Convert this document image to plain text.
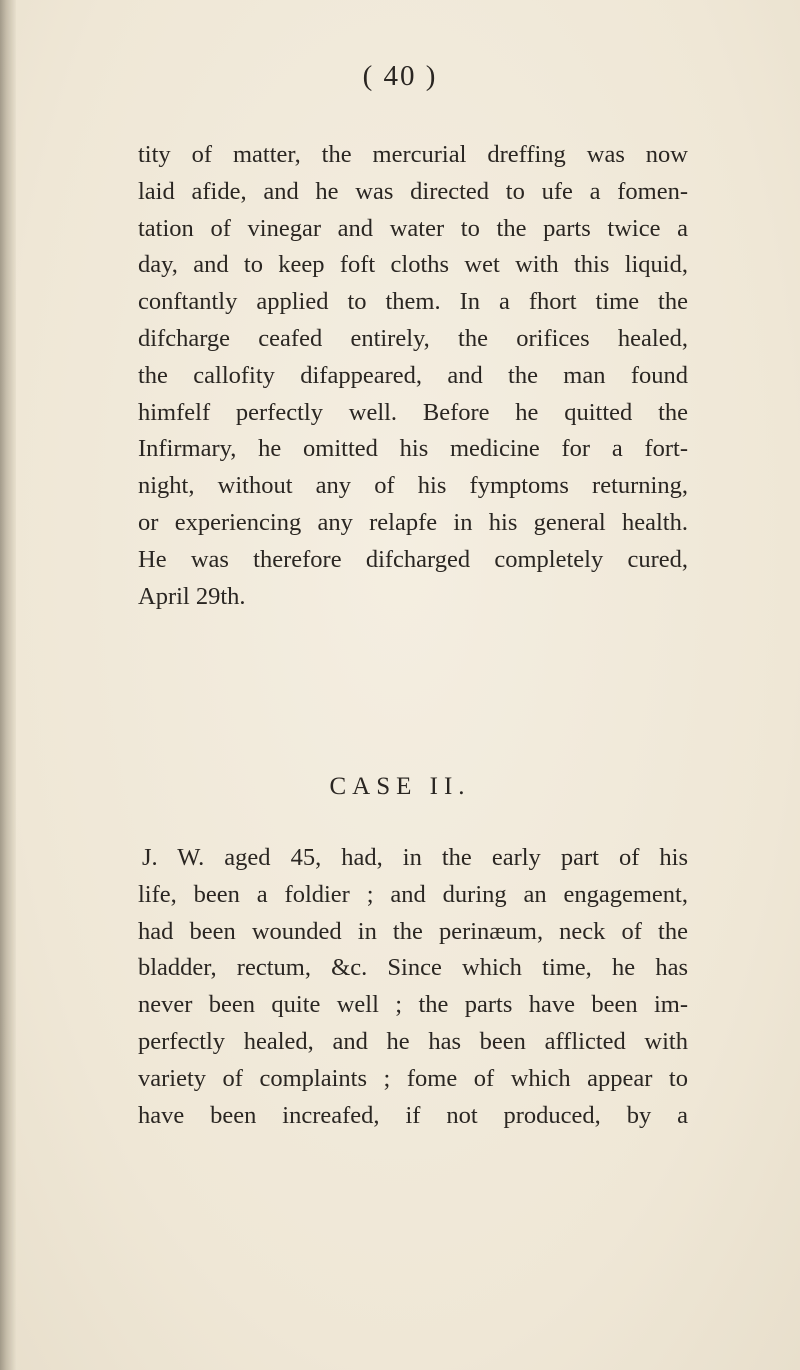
( 40 )
tity of matter, the mercurial dreffing was now
laid afide, and he was directed to ufe a fomen-
tation of vinegar and water to the parts twice a
day, and to keep foft cloths wet with this liquid,
conftantly applied to them. In a fhort time the
difcharge ceafed entirely, the orifices healed,
the callofity difappeared, and the man found
himfelf perfectly well. Before he quitted the
Infirmary, he omitted his medicine for a fort-
night, without any of his fymptoms returning,
or experiencing any relapfe in his general health.
He was therefore difcharged completely cured,
April 29th.
CASE II.
J. W. aged 45, had, in the early part of his
life, been a foldier ; and during an engagement,
had been wounded in the perinæum, neck of the
bladder, rectum, &c. Since which time, he has
never been quite well ; the parts have been im-
perfectly healed, and he has been afflicted with
variety of complaints ; fome of which appear to
have been increafed, if not produced, by a
